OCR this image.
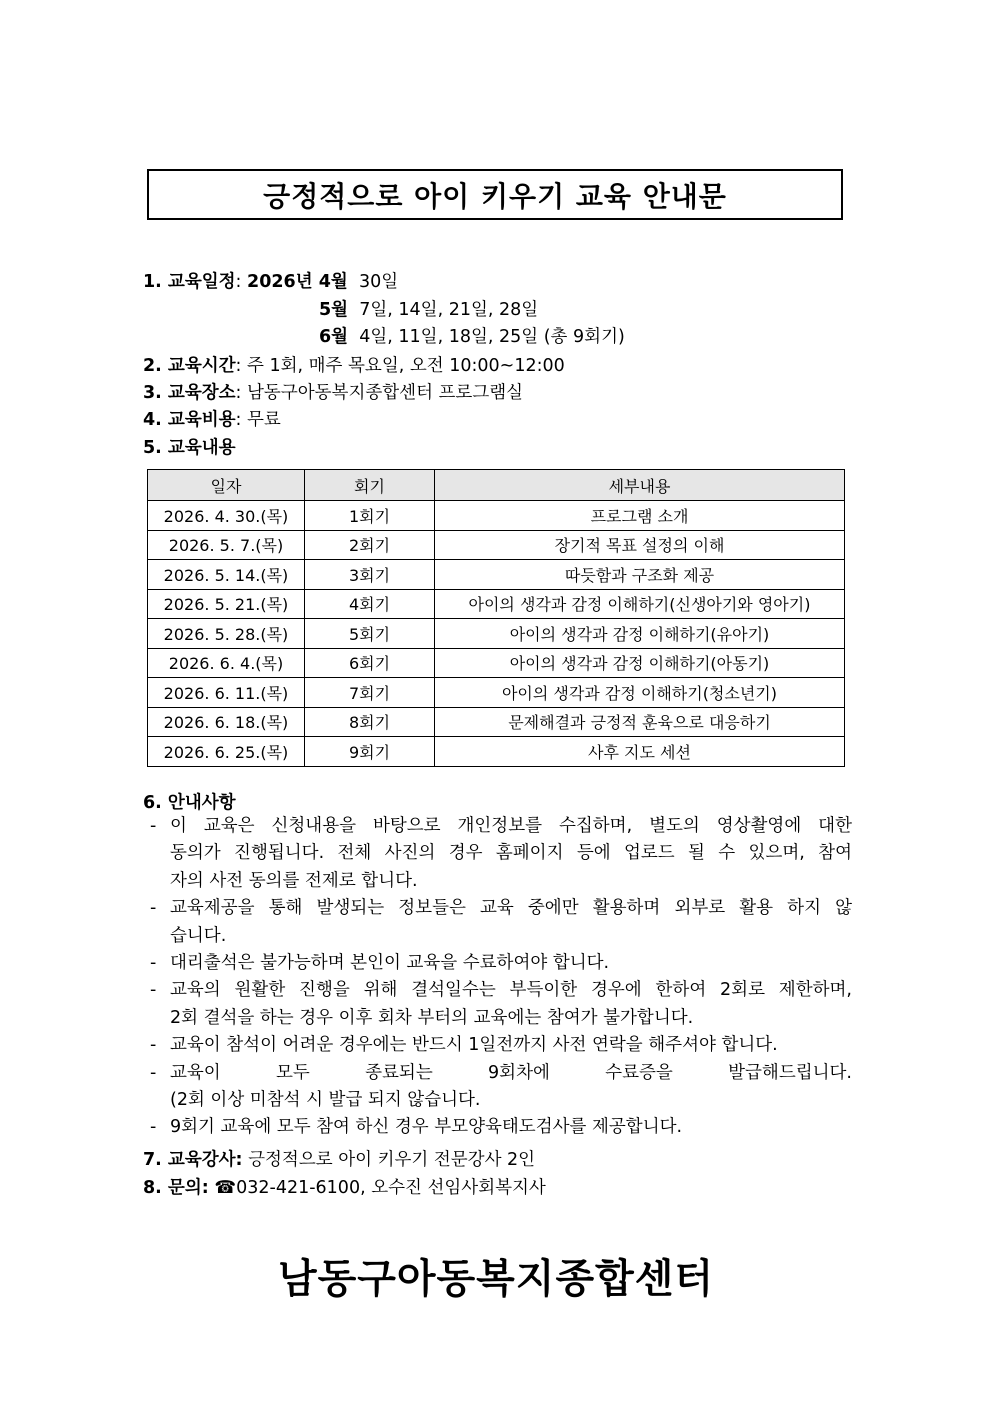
긍정적으로 아이 키우기 교육 안내문
1. 교육일정: 2026년 4월 30일
5월 7일, 14일, 21일, 28일
6월 4일, 11일, 18일, 25일 (총 9회기)
2. 교육시간: 주 1회, 매주 목요일, 오전 10:00~12:00
3. 교육장소: 남동구아동복지종합센터 프로그램실
4. 교육비용: 무료
5. 교육내용
일자	회기	세부내용
2026. 4. 30.(목)	1회기	프로그램 소개
2026. 5. 7.(목)	2회기	장기적 목표 설정의 이해
2026. 5. 14.(목)	3회기	따듯함과 구조화 제공
2026. 5. 21.(목)	4회기	아이의 생각과 감정 이해하기(신생아기와 영아기)
2026. 5. 28.(목)	5회기	아이의 생각과 감정 이해하기(유아기)
2026. 6. 4.(목)	6회기	아이의 생각과 감정 이해하기(아동기)
2026. 6. 11.(목)	7회기	아이의 생각과 감정 이해하기(청소년기)
2026. 6. 18.(목)	8회기	문제해결과 긍정적 훈육으로 대응하기
2026. 6. 25.(목)	9회기	사후 지도 세션
6. 안내사항
- 이 교육은 신청내용을 바탕으로 개인정보를 수집하며, 별도의 영상촬영에 대한
동의가 진행됩니다. 전체 사진의 경우 홈페이지 등에 업로드 될 수 있으며, 참여
자의 사전 동의를 전제로 합니다.
- 교육제공을 통해 발생되는 정보들은 교육 중에만 활용하며 외부로 활용 하지 않
습니다.
- 대리출석은 불가능하며 본인이 교육을 수료하여야 합니다.
- 교육의 원활한 진행을 위해 결석일수는 부득이한 경우에 한하여 2회로 제한하며,
2회 결석을 하는 경우 이후 회차 부터의 교육에는 참여가 불가합니다.
- 교육이 참석이 어려운 경우에는 반드시 1일전까지 사전 연락을 해주셔야 합니다.
- 교육이 모두 종료되는 9회차에 수료증을 발급해드립니다.
(2회 이상 미참석 시 발급 되지 않습니다.
- 9회기 교육에 모두 참여 하신 경우 부모양육태도검사를 제공합니다.
7. 교육강사: 긍정적으로 아이 키우기 전문강사 2인
8. 문의: ☎032-421-6100, 오수진 선임사회복지사
남동구아동복지종합센터
